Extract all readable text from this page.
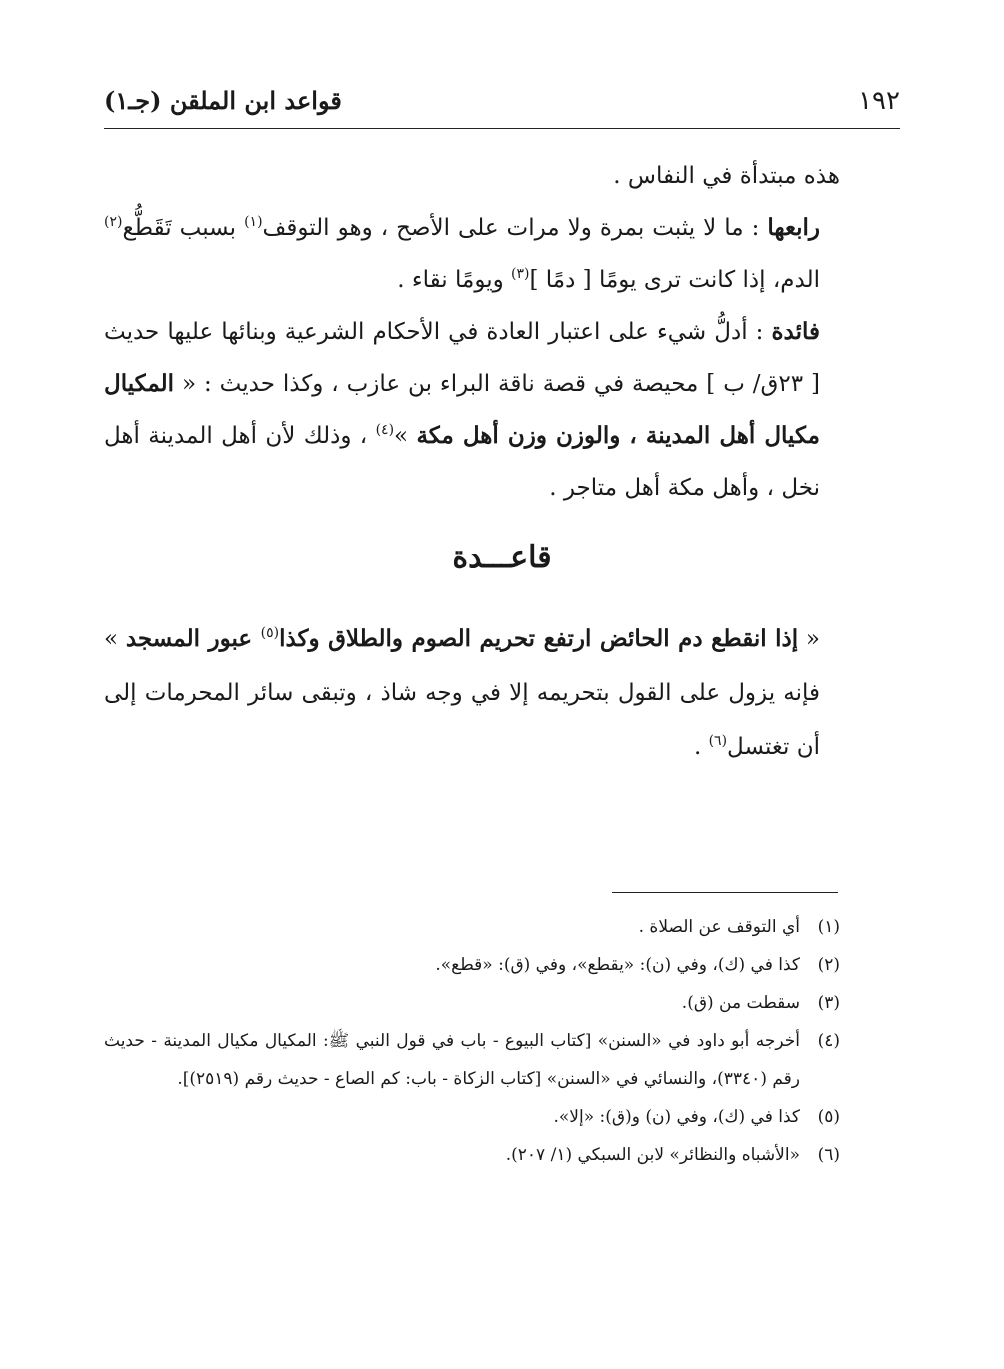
١٩٢
قواعد ابن الملقن (جـ١)

هذه مبتدأة في النفاس .

رابعها : ما لا يثبت بمرة ولا مرات على الأصح ، وهو التوقف$^{(١)}$ بسبب تَقَطُّع$^{(٢)}$ الدم، إذا كانت ترى يومًا [ دمًا ]$^{(٣)}$ ويومًا نقاء .

فائدة : أدلُّ شيء على اعتبار العادة في الأحكام الشرعية وبنائها عليها حديث [ ٢٣ق/ ب ] محيصة في قصة ناقة البراء بن عازب ، وكذا حديث : « المكيال مكيال أهل المدينة ، والوزن وزن أهل مكة »$^{(٤)}$ ، وذلك لأن أهل المدينة أهل نخل ، وأهل مكة أهل متاجر .

قاعـــدة

« إذا انقطع دم الحائض ارتفع تحريم الصوم والطلاق وكذا$^{(٥)}$ عبور المسجد » فإنه يزول على القول بتحريمه إلا في وجه شاذ ، وتبقى سائر المحرمات إلى أن تغتسل$^{(٦)}$ .

(١)
أي التوقف عن الصلاة .
(٢)
كذا في (ك)، وفي (ن): «يقطع»، وفي (ق): «قطع».
(٣)
سقطت من (ق).
(٤)
أخرجه أبو داود في «السنن» [كتاب البيوع - باب في قول النبي ﷺ: المكيال مكيال المدينة - حديث رقم (٣٣٤٠)، والنسائي في «السنن» [كتاب الزكاة - باب: كم الصاع - حديث رقم (٢٥١٩)].
(٥)
كذا في (ك)، وفي (ن) و(ق): «إلا».
(٦)
«الأشباه والنظائر» لابن السبكي (١/ ٢٠٧).
